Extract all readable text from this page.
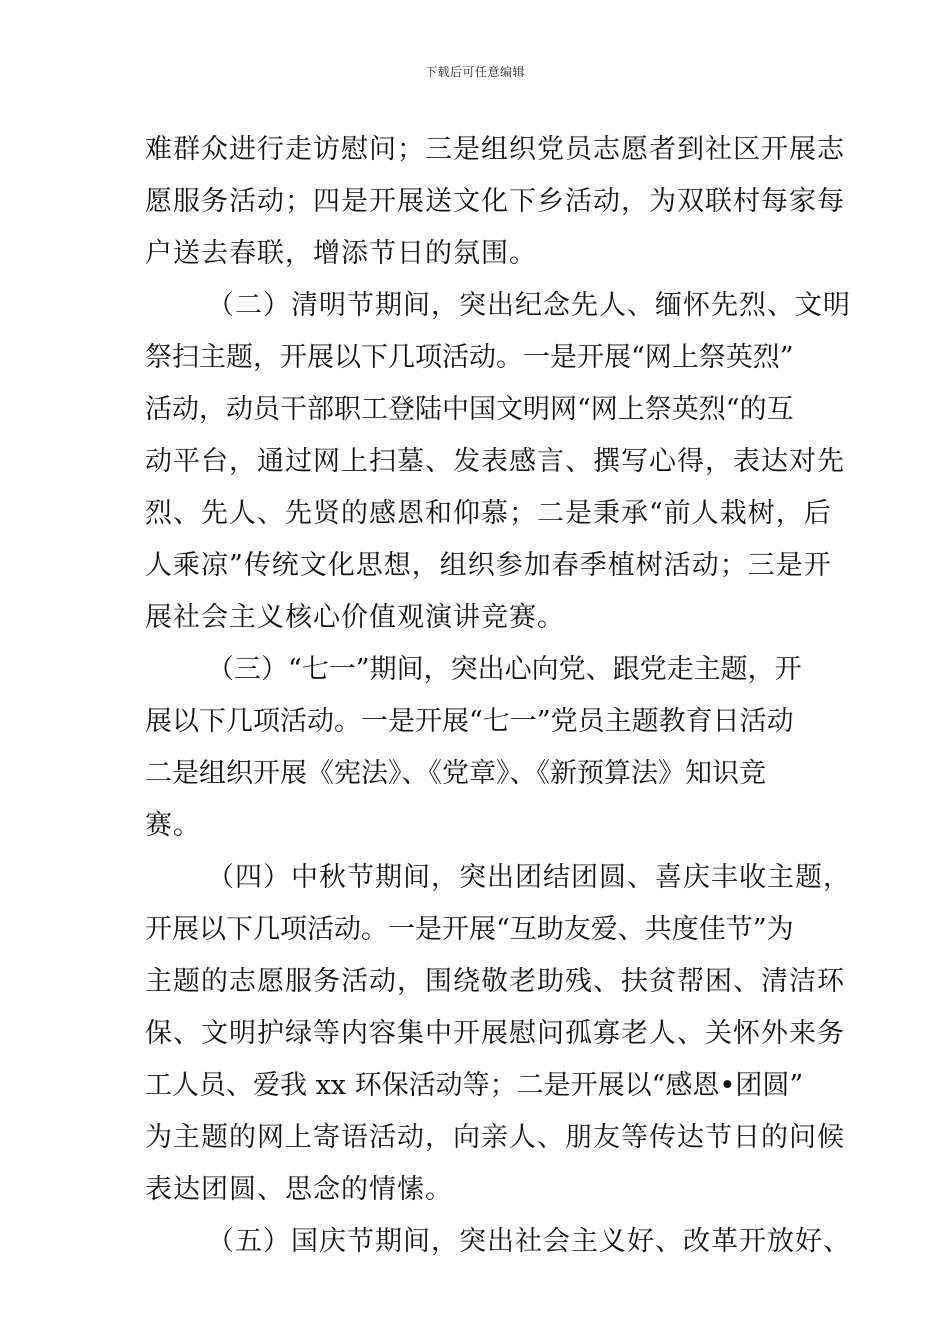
下载后可任意编辑
难群众进行走访慰问；三是组织党员志愿者到社区开展志
愿服务活动；四是开展送文化下乡活动，为双联村每家每
户送去春联，增添节日的氛围。
（二）清明节期间，突出纪念先人、缅怀先烈、文明
祭扫主题，开展以下几项活动。一是开展“网上祭英烈”
活动，动员干部职工登陆中国文明网“网上祭英烈“的互
动平台，通过网上扫墓、发表感言、撰写心得，表达对先
烈、先人、先贤的感恩和仰慕；二是秉承“前人栽树，后
人乘凉”传统文化思想，组织参加春季植树活动；三是开
展社会主义核心价值观演讲竞赛。
（三）“七一”期间，突出心向党、跟党走主题，开
展以下几项活动。一是开展“七一”党员主题教育日活动
二是组织开展《宪法》、《党章》、《新预算法》知识竞
赛。
（四）中秋节期间，突出团结团圆、喜庆丰收主题，
开展以下几项活动。一是开展“互助友爱、共度佳节”为
主题的志愿服务活动，围绕敬老助残、扶贫帮困、清洁环
保、文明护绿等内容集中开展慰问孤寡老人、关怀外来务
工人员、爱我 xx 环保活动等；二是开展以“感恩•团圆”
为主题的网上寄语活动，向亲人、朋友等传达节日的问候
表达团圆、思念的情愫。
（五）国庆节期间，突出社会主义好、改革开放好、
